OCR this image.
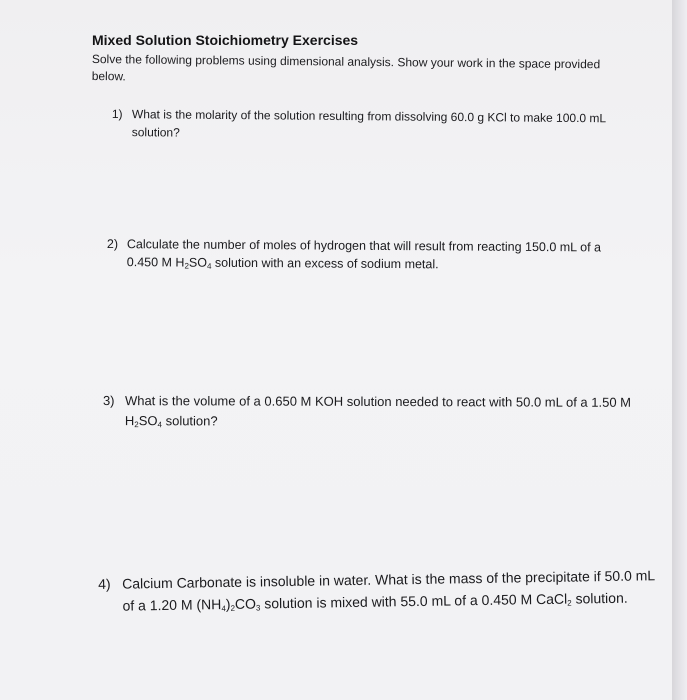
Mixed Solution Stoichiometry Exercises
Solve the following problems using dimensional analysis. Show your work in the space provided below.
1) What is the molarity of the solution resulting from dissolving 60.0 g KCl to make 100.0 mL solution?
2) Calculate the number of moles of hydrogen that will result from reacting 150.0 mL of a 0.450 M $H_2SO_4$ solution with an excess of sodium metal.
3) What is the volume of a 0.650 M KOH solution needed to react with 50.0 mL of a 1.50 M $H_2SO_4$ solution?
4) Calcium Carbonate is insoluble in water. What is the mass of the precipitate if 50.0 mL of a 1.20 M $(NH_4)_2CO_3$ solution is mixed with 55.0 mL of a 0.450 M CaCl$_2$ solution.
